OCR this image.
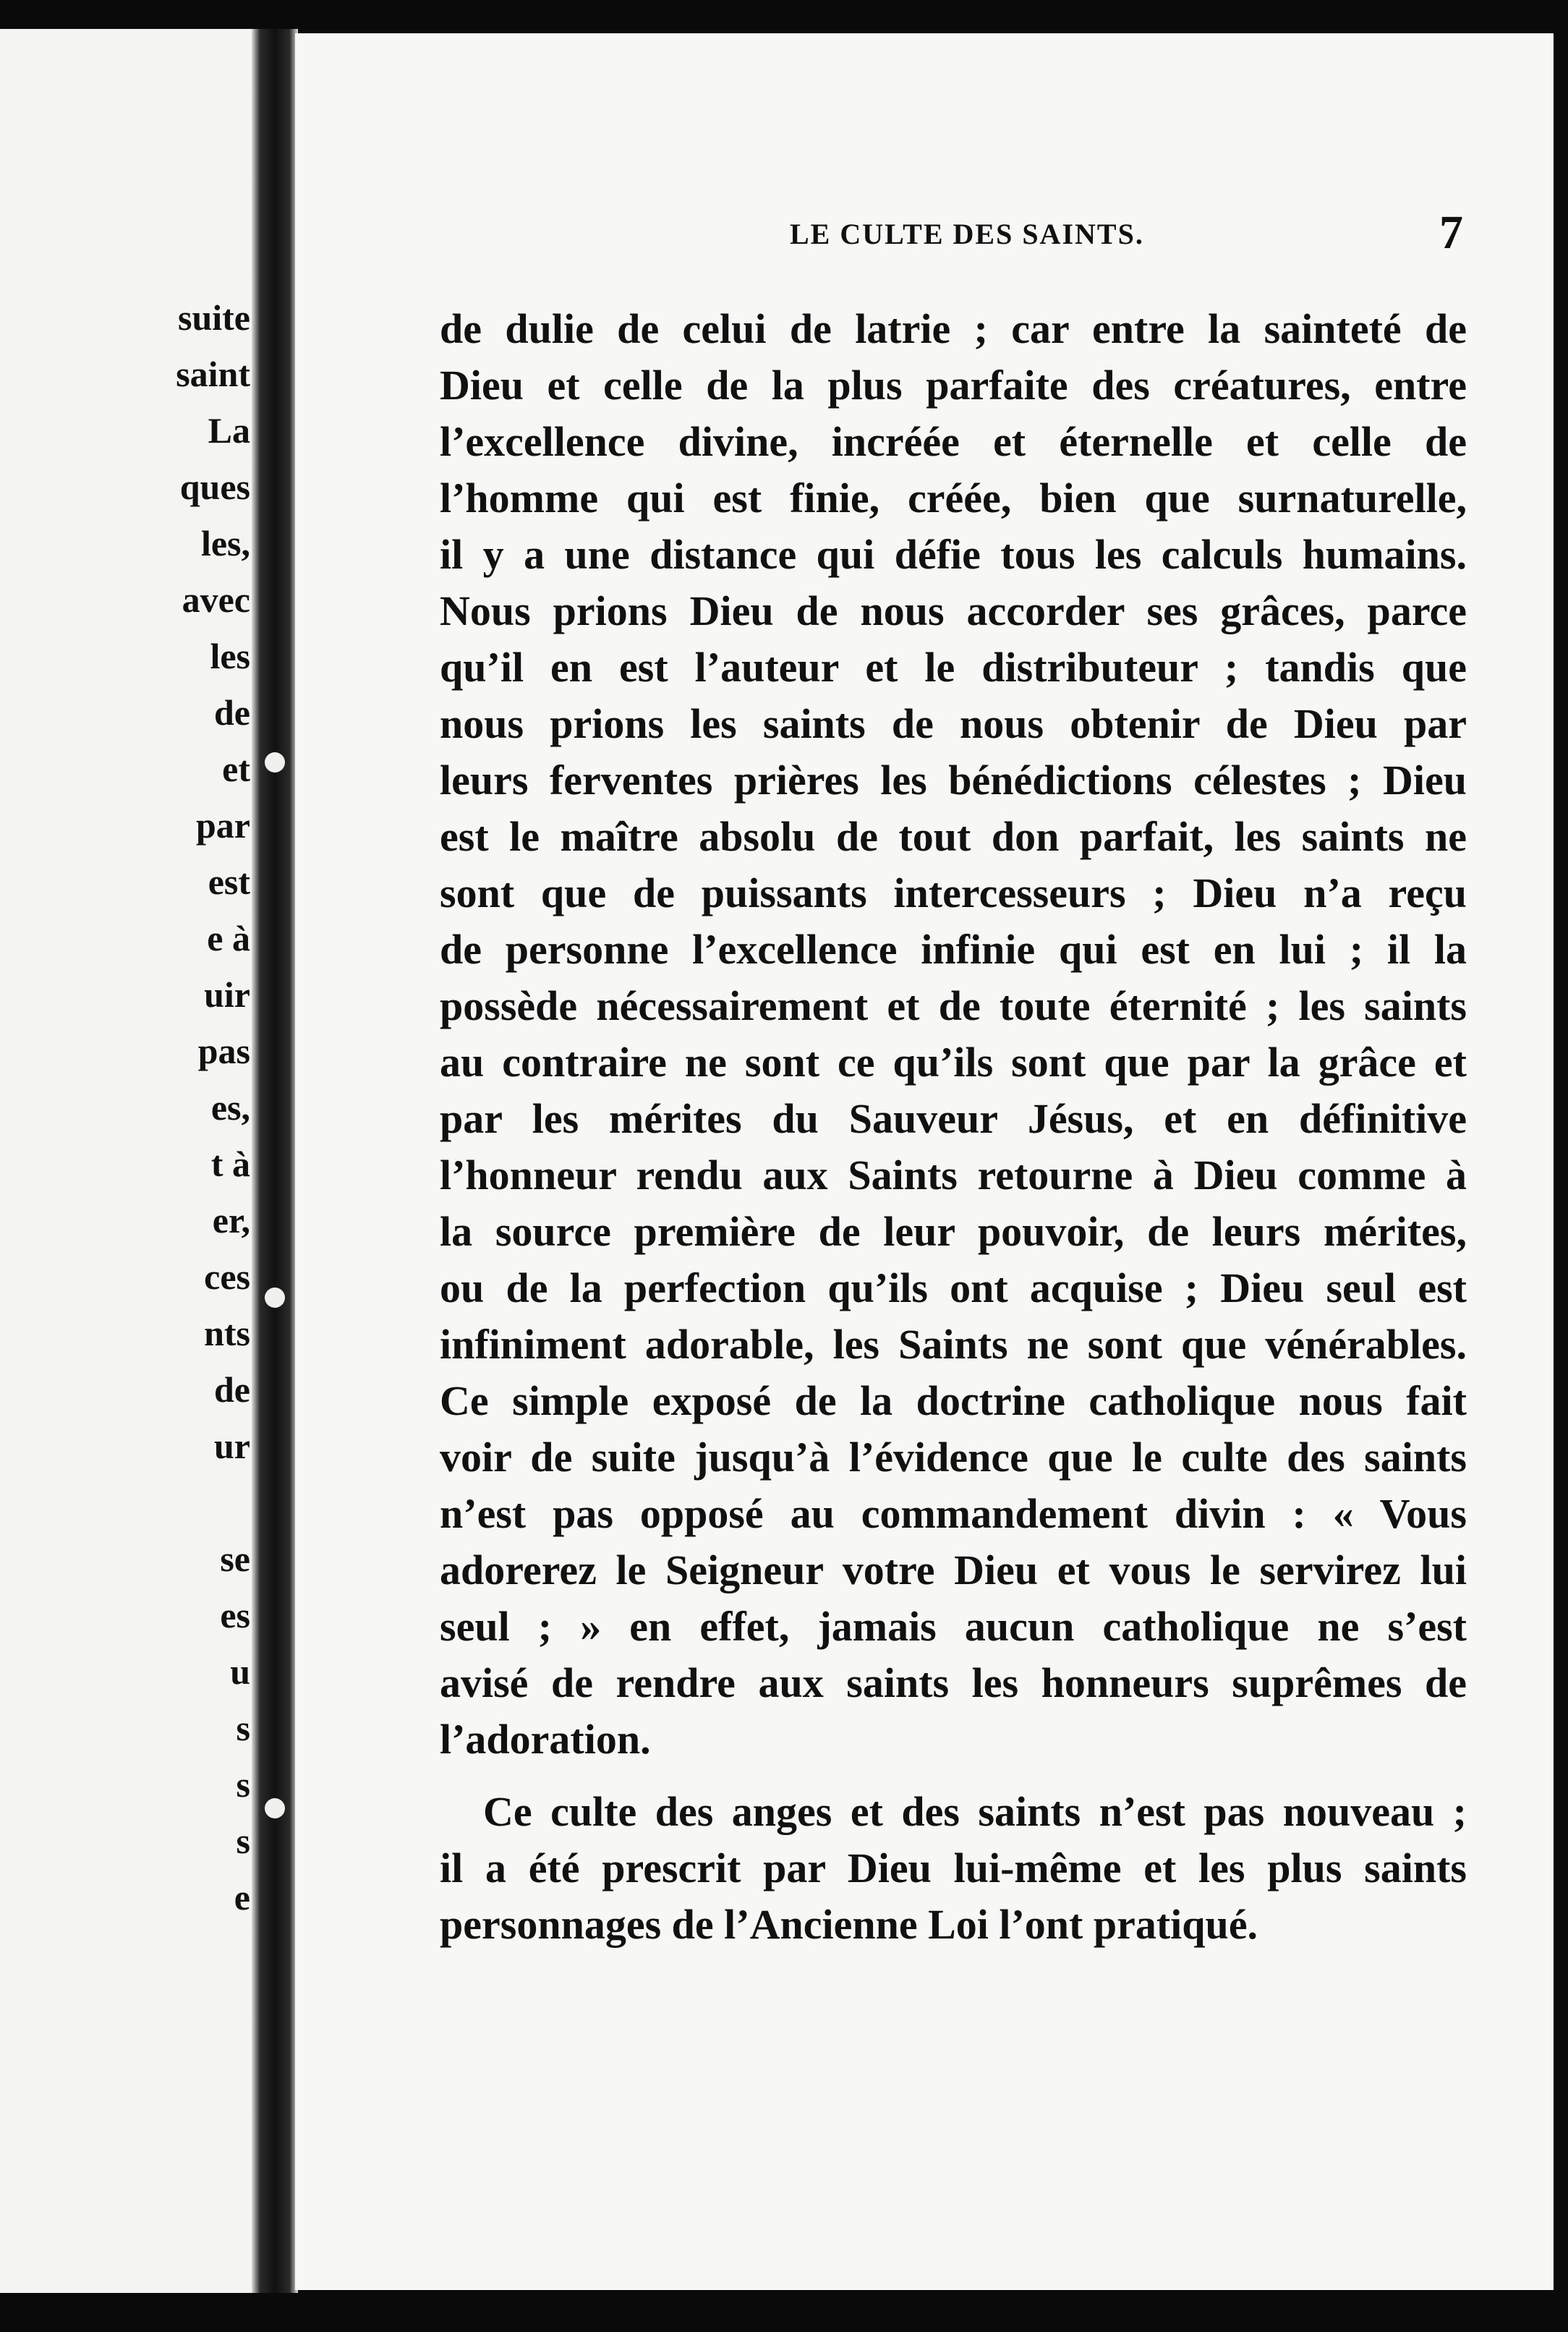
suite
saint
La
ques
les,
avec
les
de
et
par
est
e à
uir
pas
es,
t à
er,
ces
nts
de
ur
se
es
u
s
s
s
e
LE CULTE DES SAINTS.	7
de dulie de celui de latrie ; car entre la sainteté de
Dieu et celle de la plus parfaite des créatures, entre
l’excellence divine, incréée et éternelle et celle de
l’homme qui est finie, créée, bien que surnaturelle,
il y a une distance qui défie tous les calculs humains.
Nous prions Dieu de nous accorder ses grâces, parce
qu’il en est l’auteur et le distributeur ; tandis que
nous prions les saints de nous obtenir de Dieu par
leurs ferventes prières les bénédictions célestes ; Dieu
est le maître absolu de tout don parfait, les saints ne
sont que de puissants intercesseurs ; Dieu n’a reçu
de personne l’excellence infinie qui est en lui ; il la
possède nécessairement et de toute éternité ; les saints
au contraire ne sont ce qu’ils sont que par la grâce et
par les mérites du Sauveur Jésus, et en définitive
l’honneur rendu aux Saints retourne à Dieu comme à
la source première de leur pouvoir, de leurs mérites,
ou de la perfection qu’ils ont acquise ; Dieu seul est
infiniment adorable, les Saints ne sont que vénérables.
Ce simple exposé de la doctrine catholique nous fait
voir de suite jusqu’à l’évidence que le culte des saints
n’est pas opposé au commandement divin : « Vous
adorerez le Seigneur votre Dieu et vous le servirez lui
seul ; » en effet, jamais aucun catholique ne s’est
avisé de rendre aux saints les honneurs suprêmes de
l’adoration.
Ce culte des anges et des saints n’est pas nouveau ;
il a été prescrit par Dieu lui-même et les plus saints
personnages de l’Ancienne Loi l’ont pratiqué.
